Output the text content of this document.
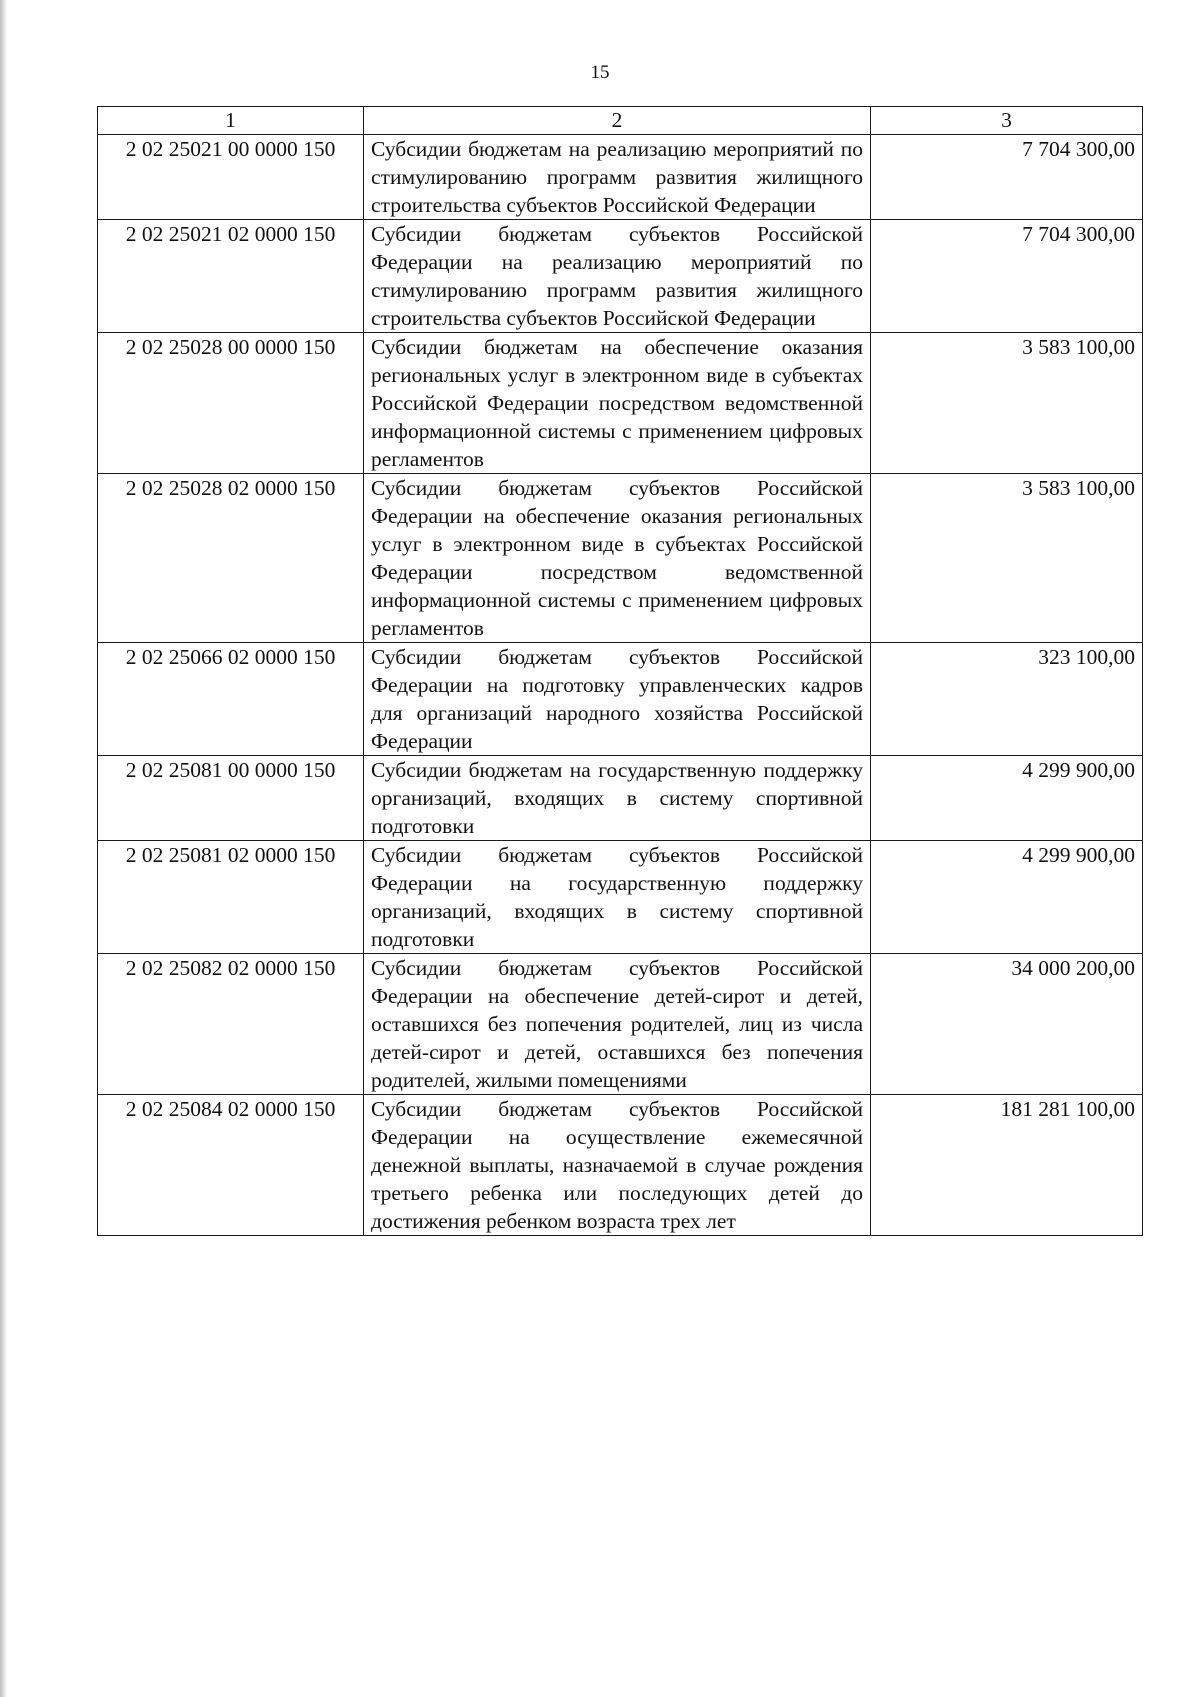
15
1	2	3
2 02 25021 00 0000 150	Субсидии бюджетам на реализацию мероприятий по стимулированию программ развития жилищного строительства субъектов Российской Федерации	7 704 300,00
2 02 25021 02 0000 150	Субсидии бюджетам субъектов Российской Федерации на реализацию мероприятий по стимулированию программ развития жилищного строительства субъектов Российской Федерации	7 704 300,00
2 02 25028 00 0000 150	Субсидии бюджетам на обеспечение оказания региональных услуг в электронном виде в субъектах Российской Федерации посредством ведомственной информационной системы с применением цифровых регламентов	3 583 100,00
2 02 25028 02 0000 150	Субсидии бюджетам субъектов Российской Федерации на обеспечение оказания региональных услуг в электронном виде в субъектах Российской Федерации посредством ведомственной информационной системы с применением цифровых регламентов	3 583 100,00
2 02 25066 02 0000 150	Субсидии бюджетам субъектов Российской Федерации на подготовку управленческих кадров для организаций народного хозяйства Российской Федерации	323 100,00
2 02 25081 00 0000 150	Субсидии бюджетам на государственную поддержку организаций, входящих в систему спортивной подготовки	4 299 900,00
2 02 25081 02 0000 150	Субсидии бюджетам субъектов Российской Федерации на государственную поддержку организаций, входящих в систему спортивной подготовки	4 299 900,00
2 02 25082 02 0000 150	Субсидии бюджетам субъектов Российской Федерации на обеспечение детей-сирот и детей, оставшихся без попечения родителей, лиц из числа детей-сирот и детей, оставшихся без попечения родителей, жилыми помещениями	34 000 200,00
2 02 25084 02 0000 150	Субсидии бюджетам субъектов Российской Федерации на осуществление ежемесячной денежной выплаты, назначаемой в случае рождения третьего ребенка или последующих детей до достижения ребенком возраста трех лет	181 281 100,00
